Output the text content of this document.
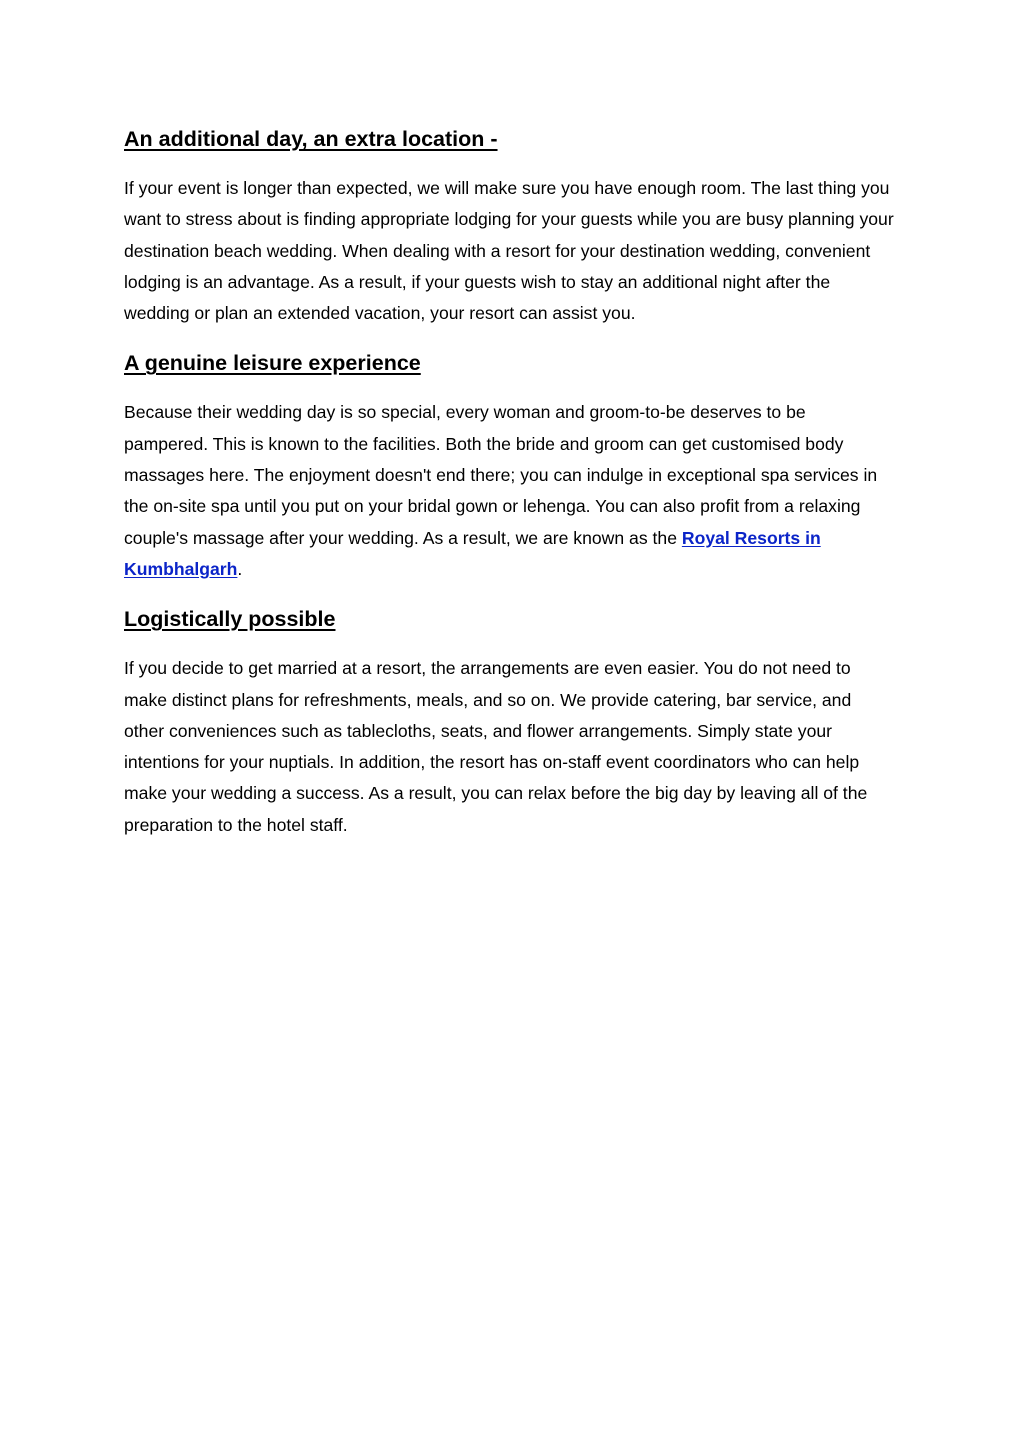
An additional day, an extra location -

If your event is longer than expected, we will make sure you have enough room. The last thing you want to stress about is finding appropriate lodging for your guests while you are busy planning your destination beach wedding. When dealing with a resort for your destination wedding, convenient lodging is an advantage. As a result, if your guests wish to stay an additional night after the wedding or plan an extended vacation, your resort can assist you.

A genuine leisure experience

Because their wedding day is so special, every woman and groom-to-be deserves to be pampered. This is known to the facilities. Both the bride and groom can get customised body massages here. The enjoyment doesn't end there; you can indulge in exceptional spa services in the on-site spa until you put on your bridal gown or lehenga. You can also profit from a relaxing couple's massage after your wedding. As a result, we are known as the Royal Resorts in Kumbhalgarh.

Logistically possible

If you decide to get married at a resort, the arrangements are even easier. You do not need to make distinct plans for refreshments, meals, and so on. We provide catering, bar service, and other conveniences such as tablecloths, seats, and flower arrangements. Simply state your intentions for your nuptials. In addition, the resort has on-staff event coordinators who can help make your wedding a success. As a result, you can relax before the big day by leaving all of the preparation to the hotel staff.
